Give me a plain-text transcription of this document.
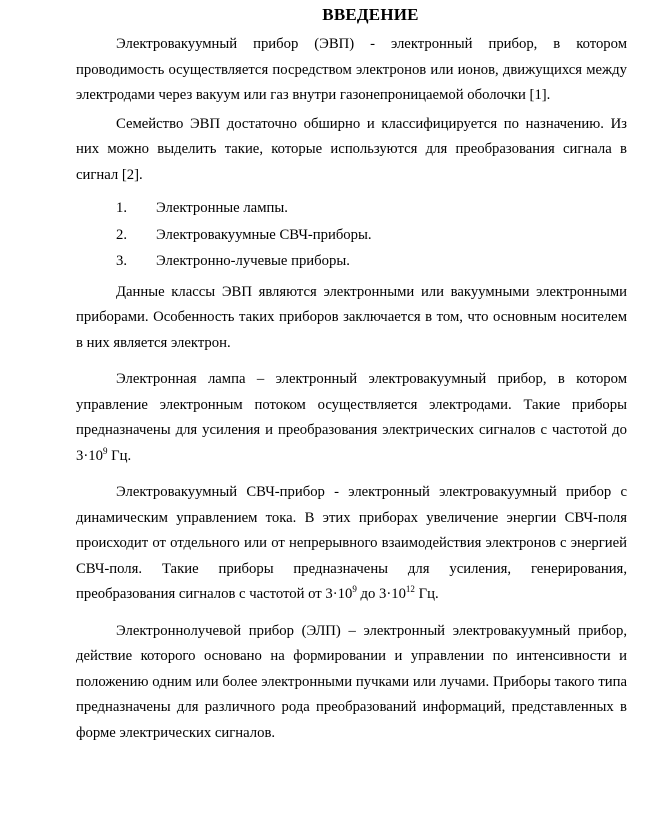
ВВЕДЕНИЕ

Электровакуумный прибор (ЭВП) - электронный прибор, в котором проводимость осуществляется посредством электронов или ионов, движущихся между электродами через вакуум или газ внутри газонепроницаемой оболочки [1].

Семейство ЭВП достаточно обширно и классифицируется по назначению. Из них можно выделить такие, которые используются для преобразования сигнала в сигнал [2].

1.	Электронные лампы.
2.	Электровакуумные СВЧ-приборы.
3.	Электронно-лучевые приборы.

Данные классы ЭВП являются электронными или вакуумными электронными приборами. Особенность таких приборов заключается в том, что основным носителем в них является электрон.

Электронная лампа – электронный электровакуумный прибор, в котором управление электронным потоком осуществляется электродами. Такие приборы предназначены для усиления и преобразования электрических сигналов с частотой до $3\cdot 10^9$ Гц.

Электровакуумный СВЧ-прибор - электронный электровакуумный прибор с динамическим управлением тока. В этих приборах увеличение энергии СВЧ-поля происходит от отдельного или от непрерывного взаимодействия электронов с энергией СВЧ-поля. Такие приборы предназначены для усиления, генерирования, преобразования сигналов с частотой от $3\cdot 10^9$ до $3\cdot 10^{12}$ Гц.

Электроннолучевой прибор (ЭЛП) – электронный электровакуумный прибор, действие которого основано на формировании и управлении по интенсивности и положению одним или более электронными пучками или лучами. Приборы такого типа предназначены для различного рода преобразований информаций, представленных в форме электрических сигналов.
